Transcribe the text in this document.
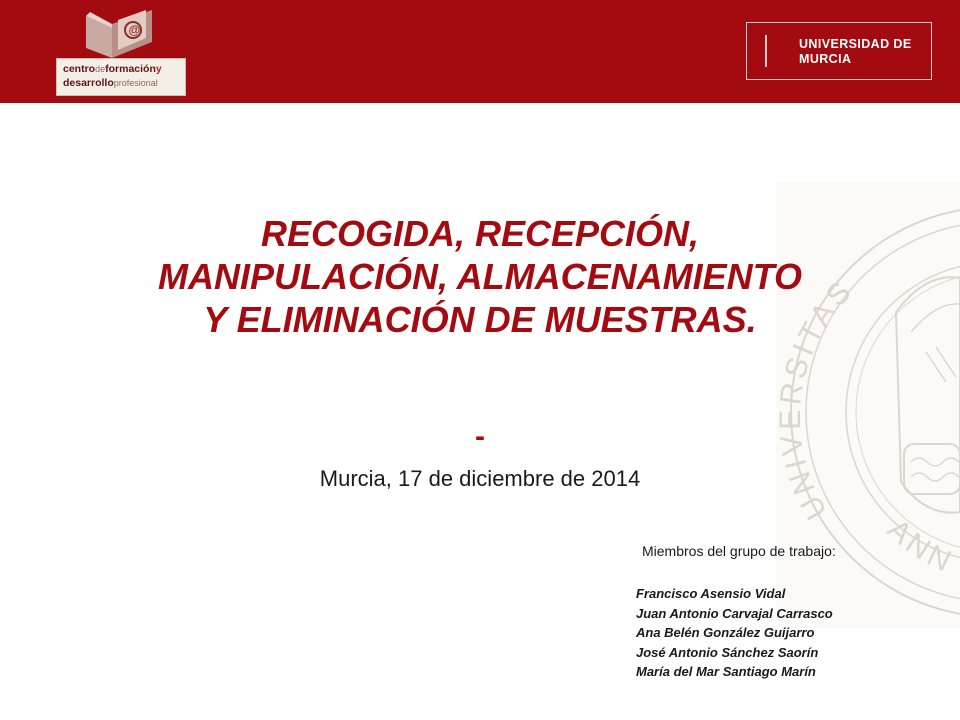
@
centrodeformacióny
desarrolloprofesional
UNIVERSIDAD DE
MURCIA
UNIVERSITAS
ANN
RECOGIDA, RECEPCIÓN,
MANIPULACIÓN, ALMACENAMIENTO
Y ELIMINACIÓN DE MUESTRAS.
-
Murcia, 17 de diciembre de 2014
Miembros del grupo de trabajo:
Francisco Asensio Vidal
Juan Antonio Carvajal Carrasco
Ana Belén González Guijarro
José Antonio Sánchez Saorín
María del Mar Santiago Marín
